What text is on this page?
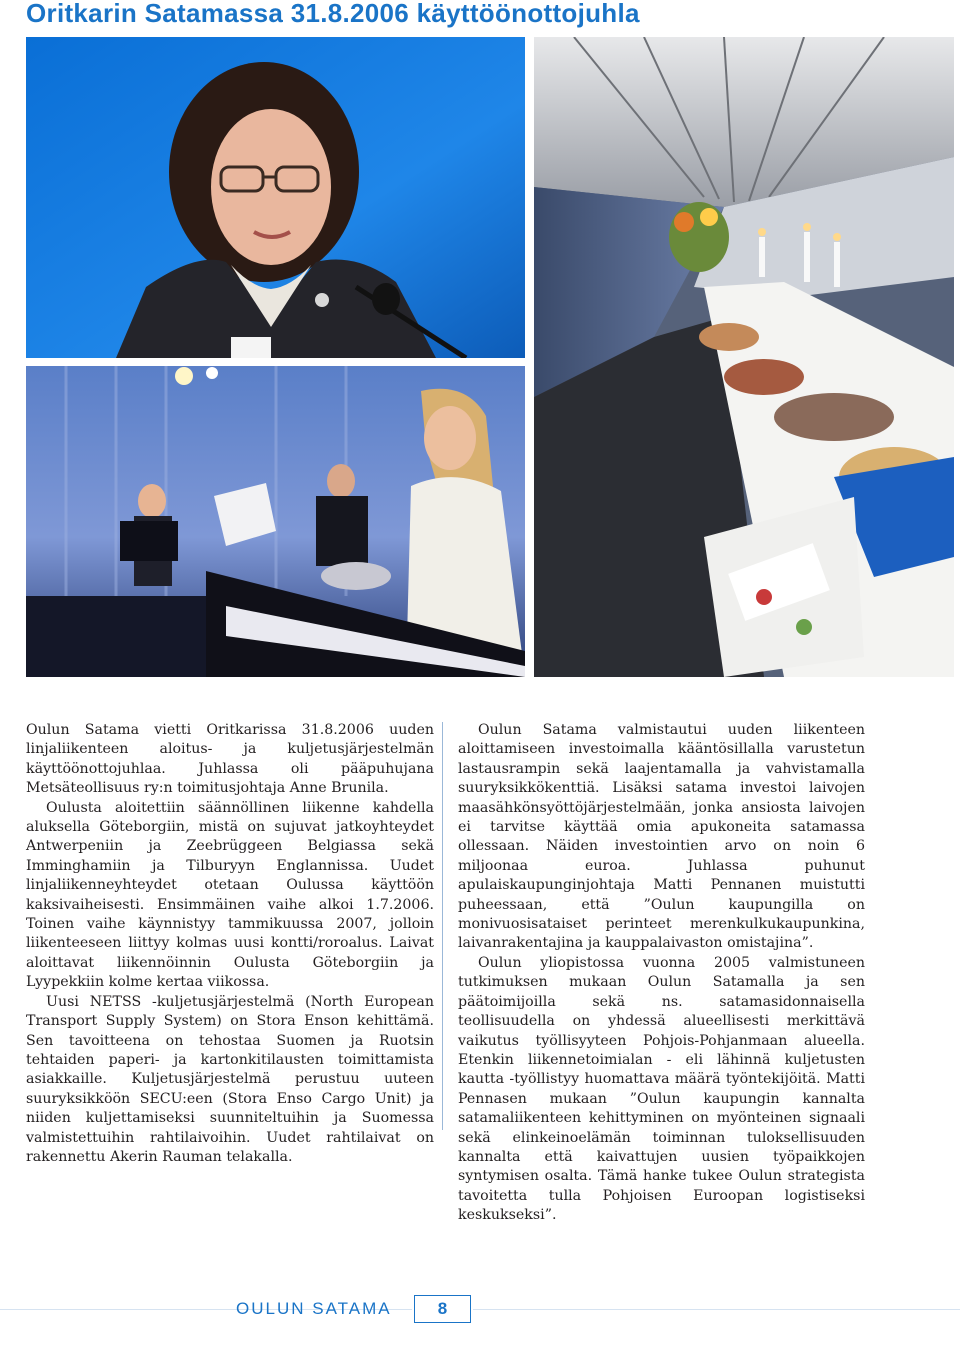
Oritkarin Satamassa 31.8.2006 käyttöönottojuhla

Oulun Satama vietti Oritkarissa 31.8.2006 uuden linjaliikenteen aloitus- ja kuljetusjärjestelmän käyttöönottojuhlaa. Juhlassa oli pääpuhujana Metsäteollisuus ry:n toimitusjohtaja Anne Brunila.

Oulusta aloitettiin säännöllinen liikenne kahdella aluksella Göteborgiin, mistä on sujuvat jatkoyhteydet Antwerpeniin ja Zeebrüggeen Belgiassa sekä Imminghamiin ja Tilburyyn Englannissa. Uudet linjaliikenneyhteydet otetaan Oulussa käyttöön kaksivaiheisesti. Ensimmäinen vaihe alkoi 1.7.2006. Toinen vaihe käynnistyy tammikuussa 2007, jolloin liikenteeseen liittyy kolmas uusi kontti/roroalus. Laivat aloittavat liikennöinnin Oulusta Göteborgiin ja Lyypekkiin kolme kertaa viikossa.

Uusi NETSS -kuljetusjärjestelmä (North European Transport Supply System) on Stora Enson kehittämä. Sen tavoitteena on tehostaa Suomen ja Ruotsin tehtaiden paperi- ja kartonkitilausten toimittamista asiakkaille. Kuljetusjärjestelmä perustuu uuteen suuryksikköön SECU:een (Stora Enso Cargo Unit) ja niiden kuljettamiseksi suunniteltuihin ja Suomessa valmistettuihin rahtilaivoihin. Uudet rahtilaivat on rakennettu Akerin Rauman telakalla.

Oulun Satama valmistautui uuden liikenteen aloittamiseen investoimalla kääntösillalla varustetun lastausrampin sekä laajentamalla ja vahvistamalla suuryksikkökenttiä. Lisäksi satama investoi laivojen maasähkönsyöttöjärjestelmään, jonka ansiosta laivojen ei tarvitse käyttää omia apukoneita satamassa ollessaan. Näiden investointien arvo on noin 6 miljoonaa euroa. Juhlassa puhunut apulaiskaupunginjohtaja Matti Pennanen muistutti puheessaan, että ”Oulun kaupungilla on monivuosisataiset perinteet merenkulkukaupunkina, laivanrakentajina ja kauppalaivaston omistajina”.

Oulun yliopistossa vuonna 2005 valmistuneen tutkimuksen mukaan Oulun Satamalla ja sen päätoimijoilla sekä ns. satamasidonnaisella teollisuudella on yhdessä alueellisesti merkittävä vaikutus työllisyyteen Pohjois-Pohjanmaan alueella. Etenkin liikennetoimialan - eli lähinnä kuljetusten kautta -työllistyy huomattava määrä työntekijöitä. Matti Pennasen mukaan ”Oulun kaupungin kannalta satamaliikenteen kehittyminen on myönteinen signaali sekä elinkeinoelämän toiminnan tuloksellisuuden kannalta että kaivattujen uusien työpaikkojen syntymisen osalta. Tämä hanke tukee Oulun strategista tavoitetta tulla Pohjoisen Euroopan logistiseksi keskukseksi”.

OULUN SATAMA	8
